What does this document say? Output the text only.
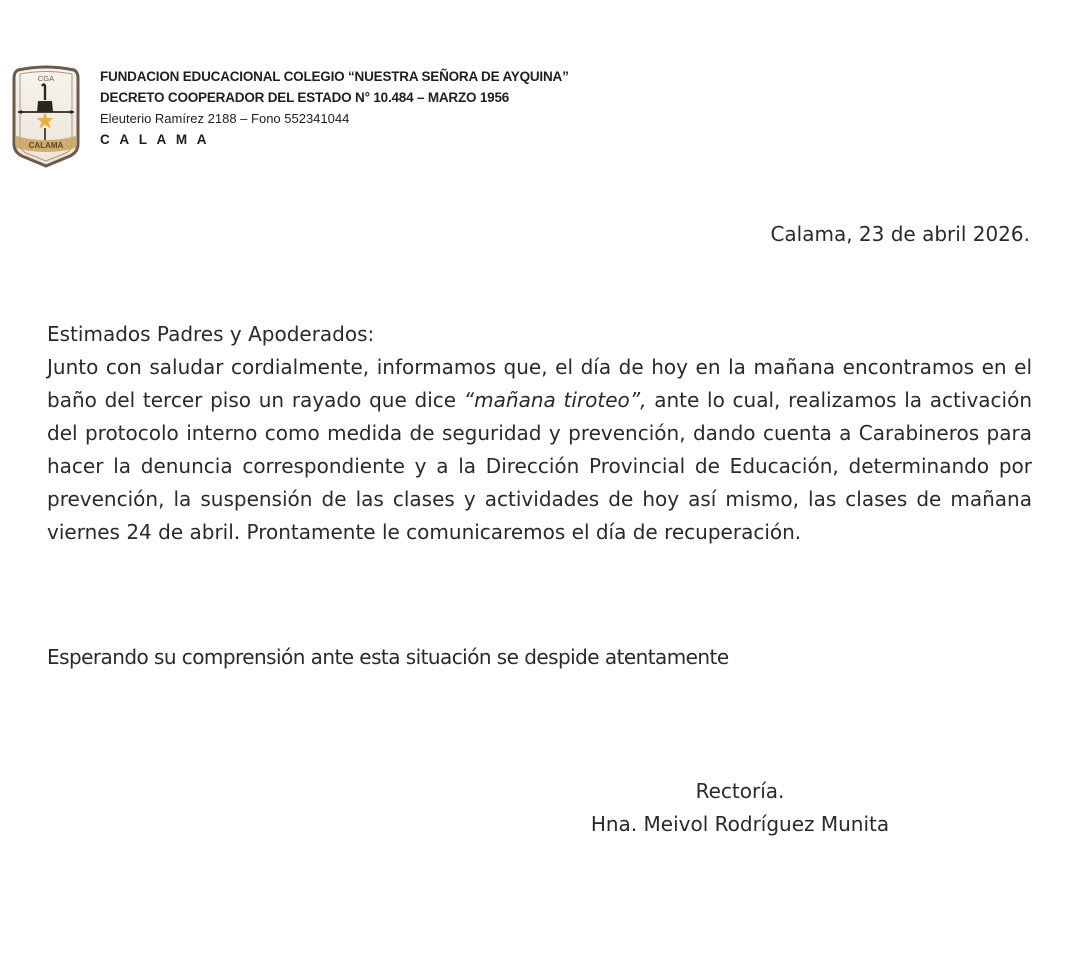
CGA
CALAMA
FUNDACION EDUCACIONAL COLEGIO “NUESTRA SEÑORA DE AYQUINA”
DECRETO COOPERADOR DEL ESTADO N° 10.484 – MARZO 1956
Eleuterio Ramírez 2188 – Fono 552341044
C A L A M A
Calama, 23 de abril 2026.

Estimados Padres y Apoderados:

Junto con saludar cordialmente, informamos que, el día de hoy en la mañana encontramos en el baño del tercer piso un rayado que dice “mañana tiroteo”, ante lo cual, realizamos la activación del protocolo interno como medida de seguridad y prevención, dando cuenta a Carabineros para hacer la denuncia correspondiente y a la Dirección Provincial de Educación, determinando por prevención, la suspensión de las clases y actividades de hoy así mismo, las clases de mañana viernes 24 de abril. Prontamente le comunicaremos el día de recuperación.

Esperando su comprensión ante esta situación se despide atentamente
Rectoría.
Hna. Meivol Rodríguez Munita
